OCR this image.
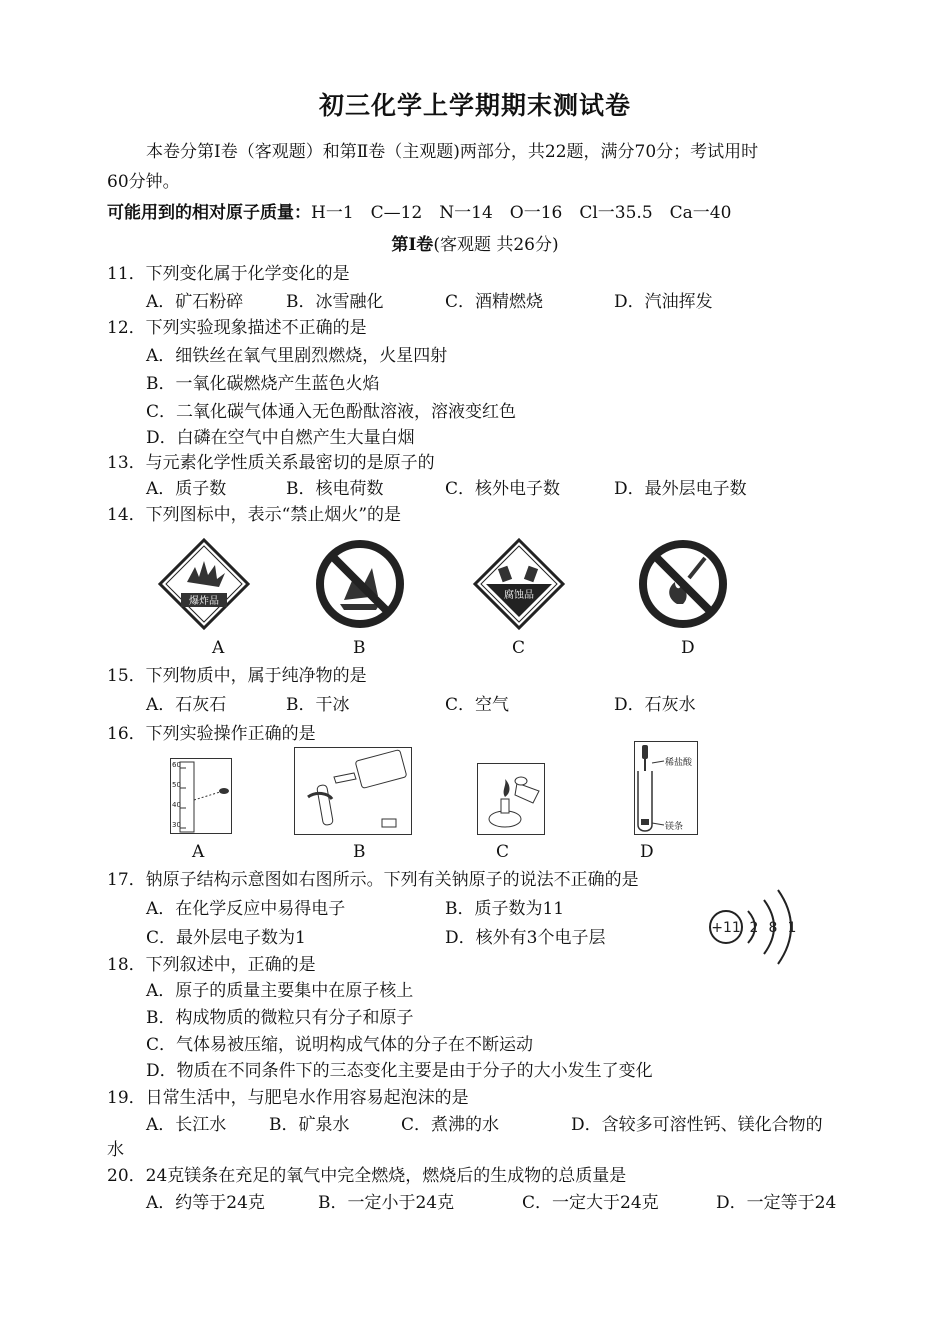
初三化学上学期期末测试卷
本卷分第Ⅰ卷（客观题）和第Ⅱ卷（主观题)两部分，共22题，满分70分；考试用时
60分钟。
可能用到的相对原子质量：H一1　C—12　N一14　O一16　Cl一35.5　Ca一40
第Ⅰ卷(客观题 共26分)
11．下列变化属于化学变化的是
A．矿石粉碎	B．冰雪融化	C．酒精燃烧	D．汽油挥发
12．下列实验现象描述不正确的是
A．细铁丝在氧气里剧烈燃烧，火星四射
B．一氧化碳燃烧产生蓝色火焰
C．二氧化碳气体通入无色酚酞溶液，溶液变红色
D．白磷在空气中自燃产生大量白烟
13．与元素化学性质关系最密切的是原子的
A．质子数	B．核电荷数	C．核外电子数	D．最外层电子数
14．下列图标中，表示“禁止烟火”的是
爆炸品
腐蚀品
A	B	C	D
15．下列物质中，属于纯净物的是
A．石灰石	B．干冰	C．空气	D．石灰水
16．下列实验操作正确的是
60
50
40
30
稀盐酸
镁条
A	B	C	D
17．钠原子结构示意图如右图所示。下列有关钠原子的说法不正确的是
A．在化学反应中易得电子	B．质子数为11
C．最外层电子数为1	D．核外有3个电子层	+11 2 8 1
18．下列叙述中，正确的是
A．原子的质量主要集中在原子核上
B．构成物质的微粒只有分子和原子
C．气体易被压缩，说明构成气体的分子在不断运动
D．物质在不同条件下的三态变化主要是由于分子的大小发生了变化
19．日常生活中，与肥皂水作用容易起泡沫的是
A．长江水	B．矿泉水	C．煮沸的水	D．含较多可溶性钙、镁化合物的
水
20．24克镁条在充足的氧气中完全燃烧，燃烧后的生成物的总质量是
A．约等于24克	B．一定小于24克	C．一定大于24克	D．一定等于24
